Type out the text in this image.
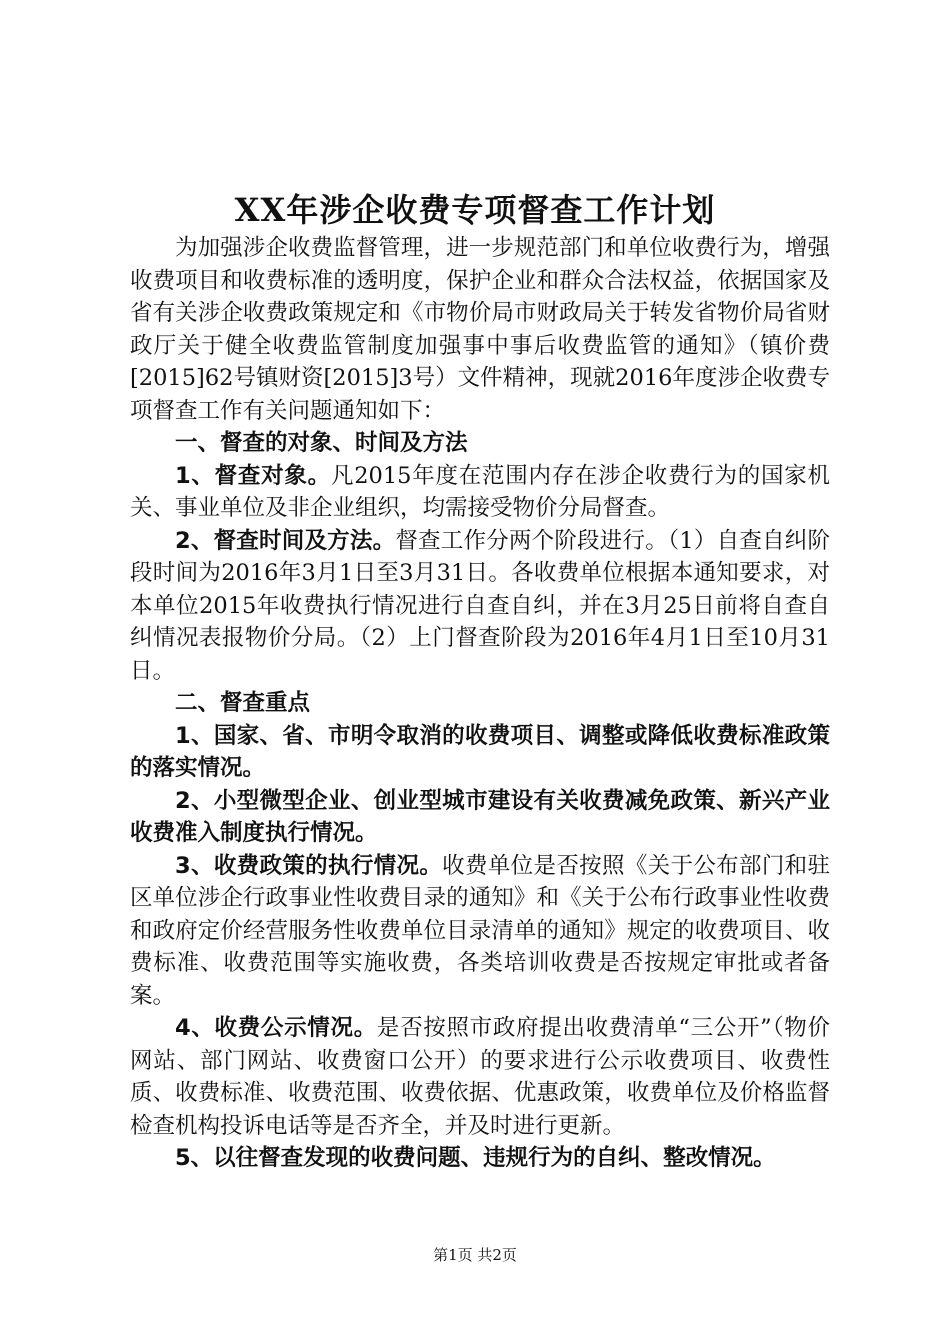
XX年涉企收费专项督查工作计划

为加强涉企收费监督管理，进一步规范部门和单位收费行为，增强收费项目和收费标准的透明度，保护企业和群众合法权益，依据国家及省有关涉企收费政策规定和《市物价局市财政局关于转发省物价局省财政厅关于健全收费监管制度加强事中事后收费监管的通知》（镇价费[2015]62号镇财资[2015]3号）文件精神，现就2016年度涉企收费专项督查工作有关问题通知如下：

一、督查的对象、时间及方法

1、督查对象。凡2015年度在范围内存在涉企收费行为的国家机关、事业单位及非企业组织，均需接受物价分局督查。

2、督查时间及方法。督查工作分两个阶段进行。（1）自查自纠阶段时间为2016年3月1日至3月31日。各收费单位根据本通知要求，对本单位2015年收费执行情况进行自查自纠，并在3月25日前将自查自纠情况表报物价分局。（2）上门督查阶段为2016年4月1日至10月31日。

二、督查重点

1、国家、省、市明令取消的收费项目、调整或降低收费标准政策的落实情况。

2、小型微型企业、创业型城市建设有关收费减免政策、新兴产业收费准入制度执行情况。

3、收费政策的执行情况。收费单位是否按照《关于公布部门和驻区单位涉企行政事业性收费目录的通知》和《关于公布行政事业性收费和政府定价经营服务性收费单位目录清单的通知》规定的收费项目、收费标准、收费范围等实施收费，各类培训收费是否按规定审批或者备案。

4、收费公示情况。是否按照市政府提出收费清单“三公开”（物价网站、部门网站、收费窗口公开）的要求进行公示收费项目、收费性质、收费标准、收费范围、收费依据、优惠政策，收费单位及价格监督检查机构投诉电话等是否齐全，并及时进行更新。

5、以往督查发现的收费问题、违规行为的自纠、整改情况。

第1页 共2页
